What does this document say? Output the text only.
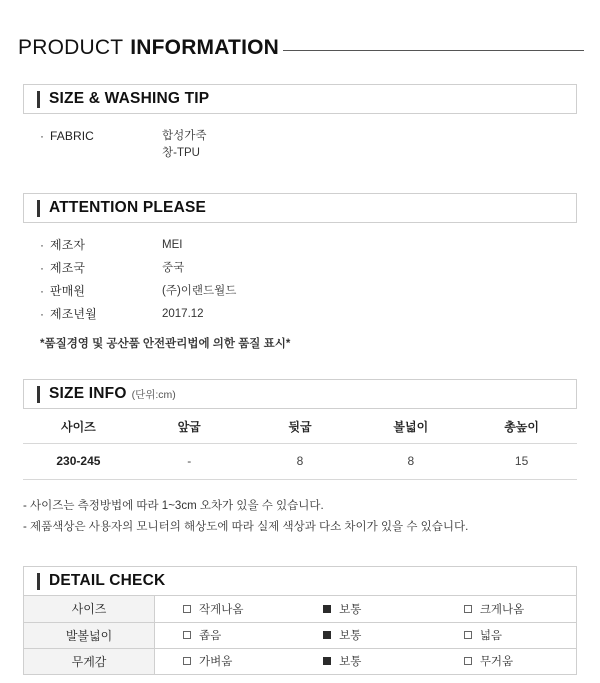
PRODUCT INFORMATION
SIZE & WASHING TIP
· FABRIC	합성가죽
창-TPU
ATTENTION PLEASE
· 제조자	MEI
· 제조국	중국
· 판매원	(주)이랜드월드
· 제조년월	2017.12
*품질경영 및 공산품 안전관리법에 의한 품질 표시*
SIZE INFO (단위:cm)
사이즈	앞굽	뒷굽	볼넓이	총높이
230-245	-	8	8	15
- 사이즈는 측정방법에 따라 1~3cm 오차가 있을 수 있습니다.
- 제품색상은 사용자의 모니터의 해상도에 따라 실제 색상과 다소 차이가 있을 수 있습니다.
DETAIL CHECK
사이즈	작게나옴	보통	크게나옴

발볼넓이	좁음	보통	넓음

무게감	가벼움	보통	무거움
